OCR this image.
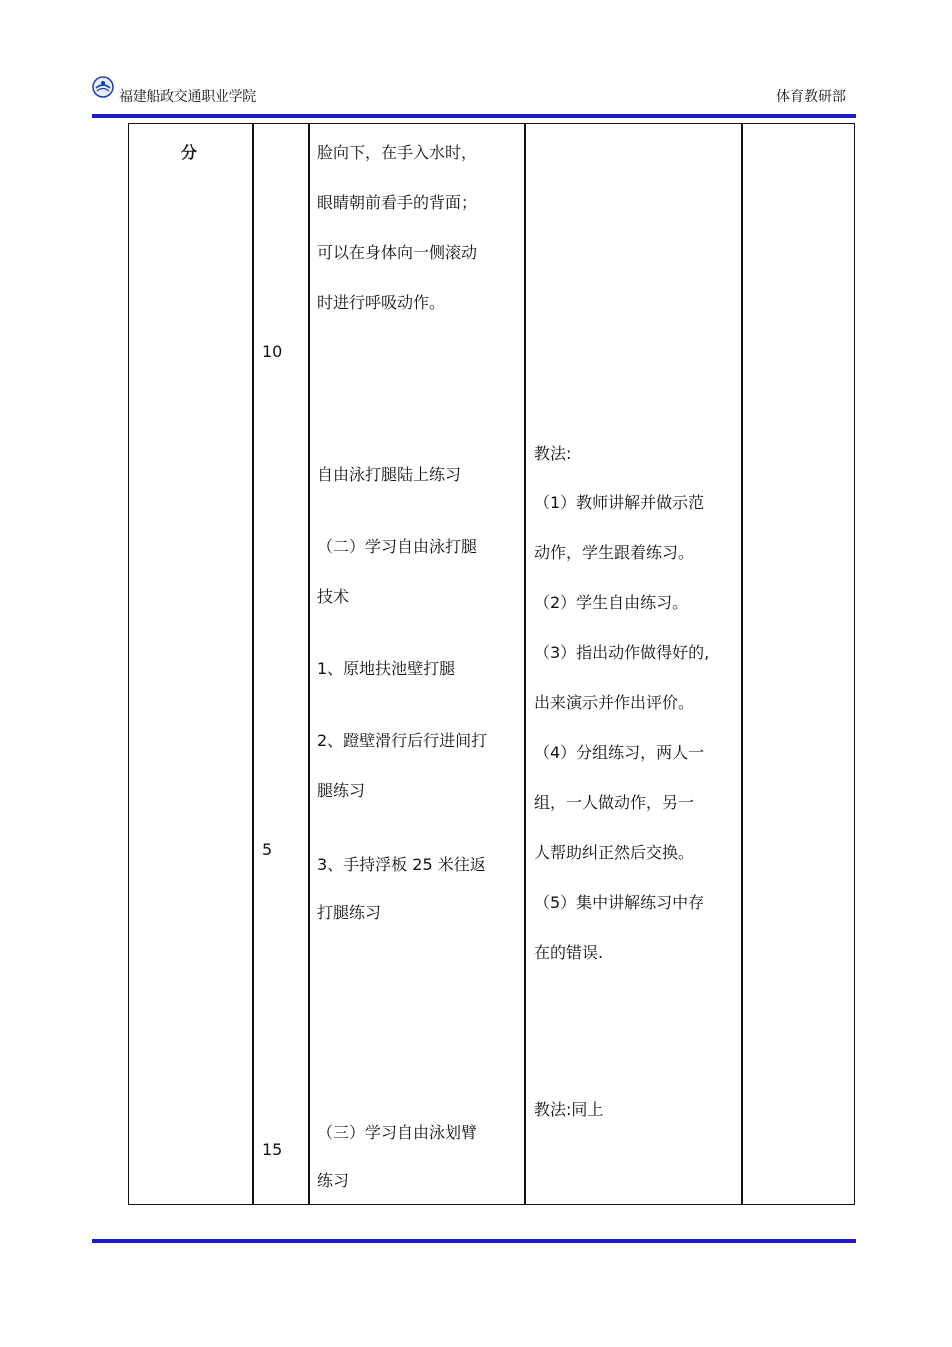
福建船政交通职业学院	体育教研部
分
10
5
15
脸向下，在手入水时，
眼睛朝前看手的背面；
可以在身体向一侧滚动
时进行呼吸动作。
自由泳打腿陆上练习
（二）学习自由泳打腿
技术
1、原地扶池壁打腿
2、蹬壁滑行后行进间打
腿练习
3、手持浮板 25 米往返
打腿练习
（三）学习自由泳划臂
练习
教法:
（1）教师讲解并做示范
动作，学生跟着练习。
（2）学生自由练习。
（3）指出动作做得好的,
出来演示并作出评价。
（4）分组练习，两人一
组，一人做动作，另一
人帮助纠正然后交换。
（5）集中讲解练习中存
在的错误.
教法:同上
